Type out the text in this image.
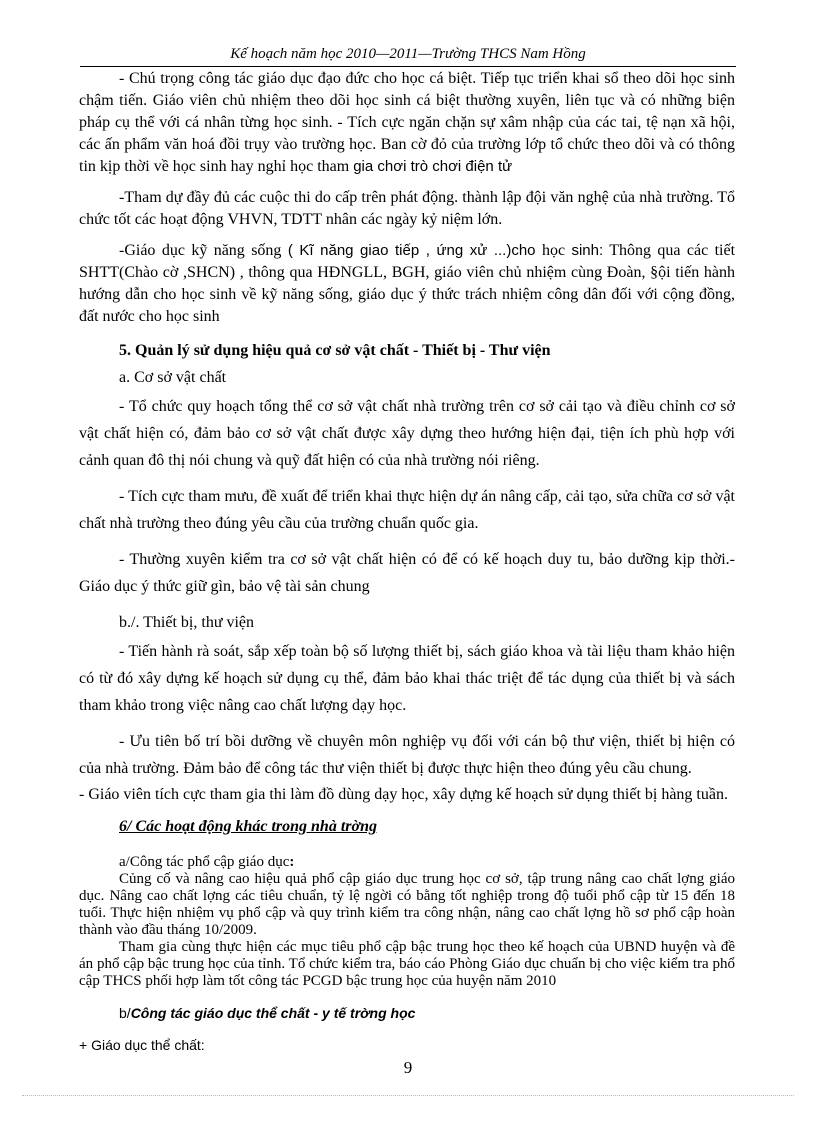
Kế hoạch năm học 2010—2011—Trường THCS Nam Hồng

- Chú trọng công tác giáo dục đạo đức cho học cá biệt. Tiếp tục triển khai sổ theo dõi học sinh chậm tiến. Giáo viên chủ nhiệm theo dõi học sinh cá biệt thường xuyên, liên tục và có những biện pháp cụ thể với cá nhân từng học sinh. - Tích cực ngăn chặn sự xâm nhập của các tai, tệ nạn xã hội, các ấn phẩm văn hoá đồi trụy vào trường học. Ban cờ đỏ của trường lớp tổ chức theo dõi và có thông tin kịp thời về học sinh hay nghỉ học tham gia chơi trò chơi điện tử

-Tham dự đầy đủ các cuộc thi do cấp trên phát động. thành lập đội văn nghệ của nhà trường. Tổ chức tốt các hoạt động VHVN, TDTT nhân các ngày kỷ niệm lớn.

-Giáo dục kỹ năng sống ( Kĩ năng giao tiếp , ứng xử ...)cho học sinh: Thông qua các tiết SHTT(Chào cờ ,SHCN) , thông qua HĐNGLL, BGH, giáo viên chủ nhiệm cùng Đoàn, §ội tiến hành hướng dẫn cho học sinh về kỹ năng sống, giáo dục ý thức trách nhiệm công dân đối với cộng đồng, đất nước cho học sinh

5. Quản lý sử dụng hiệu quả cơ sở vật chất - Thiết bị - Thư viện

a. Cơ sở vật chất

- Tổ chức quy hoạch tổng thể cơ sở vật chất nhà trường trên cơ sở cải tạo và điều chỉnh cơ sở vật chất hiện có, đảm bảo cơ sở vật chất được xây dựng theo hướng hiện đại, tiện ích phù hợp với cảnh quan đô thị nói chung và quỹ đất hiện có của nhà trường nói riêng.

- Tích cực tham mưu, đề xuất để triển khai thực hiện dự án nâng cấp, cải tạo, sửa chữa cơ sở vật chất nhà trường theo đúng yêu cầu của trường chuẩn quốc gia.

- Thường xuyên kiểm tra cơ sở vật chất hiện có để có kế hoạch duy tu, bảo dưỡng kịp thời.- Giáo dục ý thức giữ gìn, bảo vệ tài sản chung

b./. Thiết bị, thư viện

- Tiến hành rà soát, sắp xếp toàn bộ số lượng thiết bị, sách giáo khoa và tài liệu tham khảo hiện có từ đó xây dựng kế hoạch sử dụng cụ thể, đảm bảo khai thác triệt để tác dụng của thiết bị và sách tham khảo trong việc nâng cao chất lượng dạy học.

- Ưu tiên bố trí bồi dưỡng về chuyên môn nghiệp vụ đối với cán bộ thư viện, thiết bị hiện có của nhà trường. Đảm bảo để công tác thư viện thiết bị được thực hiện theo đúng yêu cầu chung.

- Giáo viên tích cực tham gia thi làm đồ dùng dạy học, xây dựng kế hoạch sử dụng thiết bị hàng tuần.

6/ Các hoạt động khác trong nhà trờng

a/Công tác phổ cập giáo dục:

Củng cố và nâng cao hiệu quả phổ cập giáo dục trung học cơ sở, tập trung nâng cao chất lợng giáo dục. Nâng cao chất lợng các tiêu chuẩn, tỷ lệ ngời có bằng tốt nghiệp trong độ tuổi phổ cập từ 15 đến 18 tuổi. Thực hiện nhiệm vụ phổ cập và quy trình kiểm tra công nhận, nâng cao chất lợng hồ sơ phổ cập hoàn thành vào đầu tháng 10/2009.

Tham gia cùng thực hiện các mục tiêu phổ cập bậc trung học theo kế hoạch của UBND huyện và đề án phổ cập bậc trung học của tỉnh. Tổ chức kiểm tra, báo cáo Phòng Giáo dục chuẩn bị cho việc kiểm tra phổ cập THCS phối hợp làm tốt công tác PCGD bậc trung học của huyện năm 2010

b/Công tác giáo dục thể chất - y tế trờng học

+ Giáo dục thể chất:

9
